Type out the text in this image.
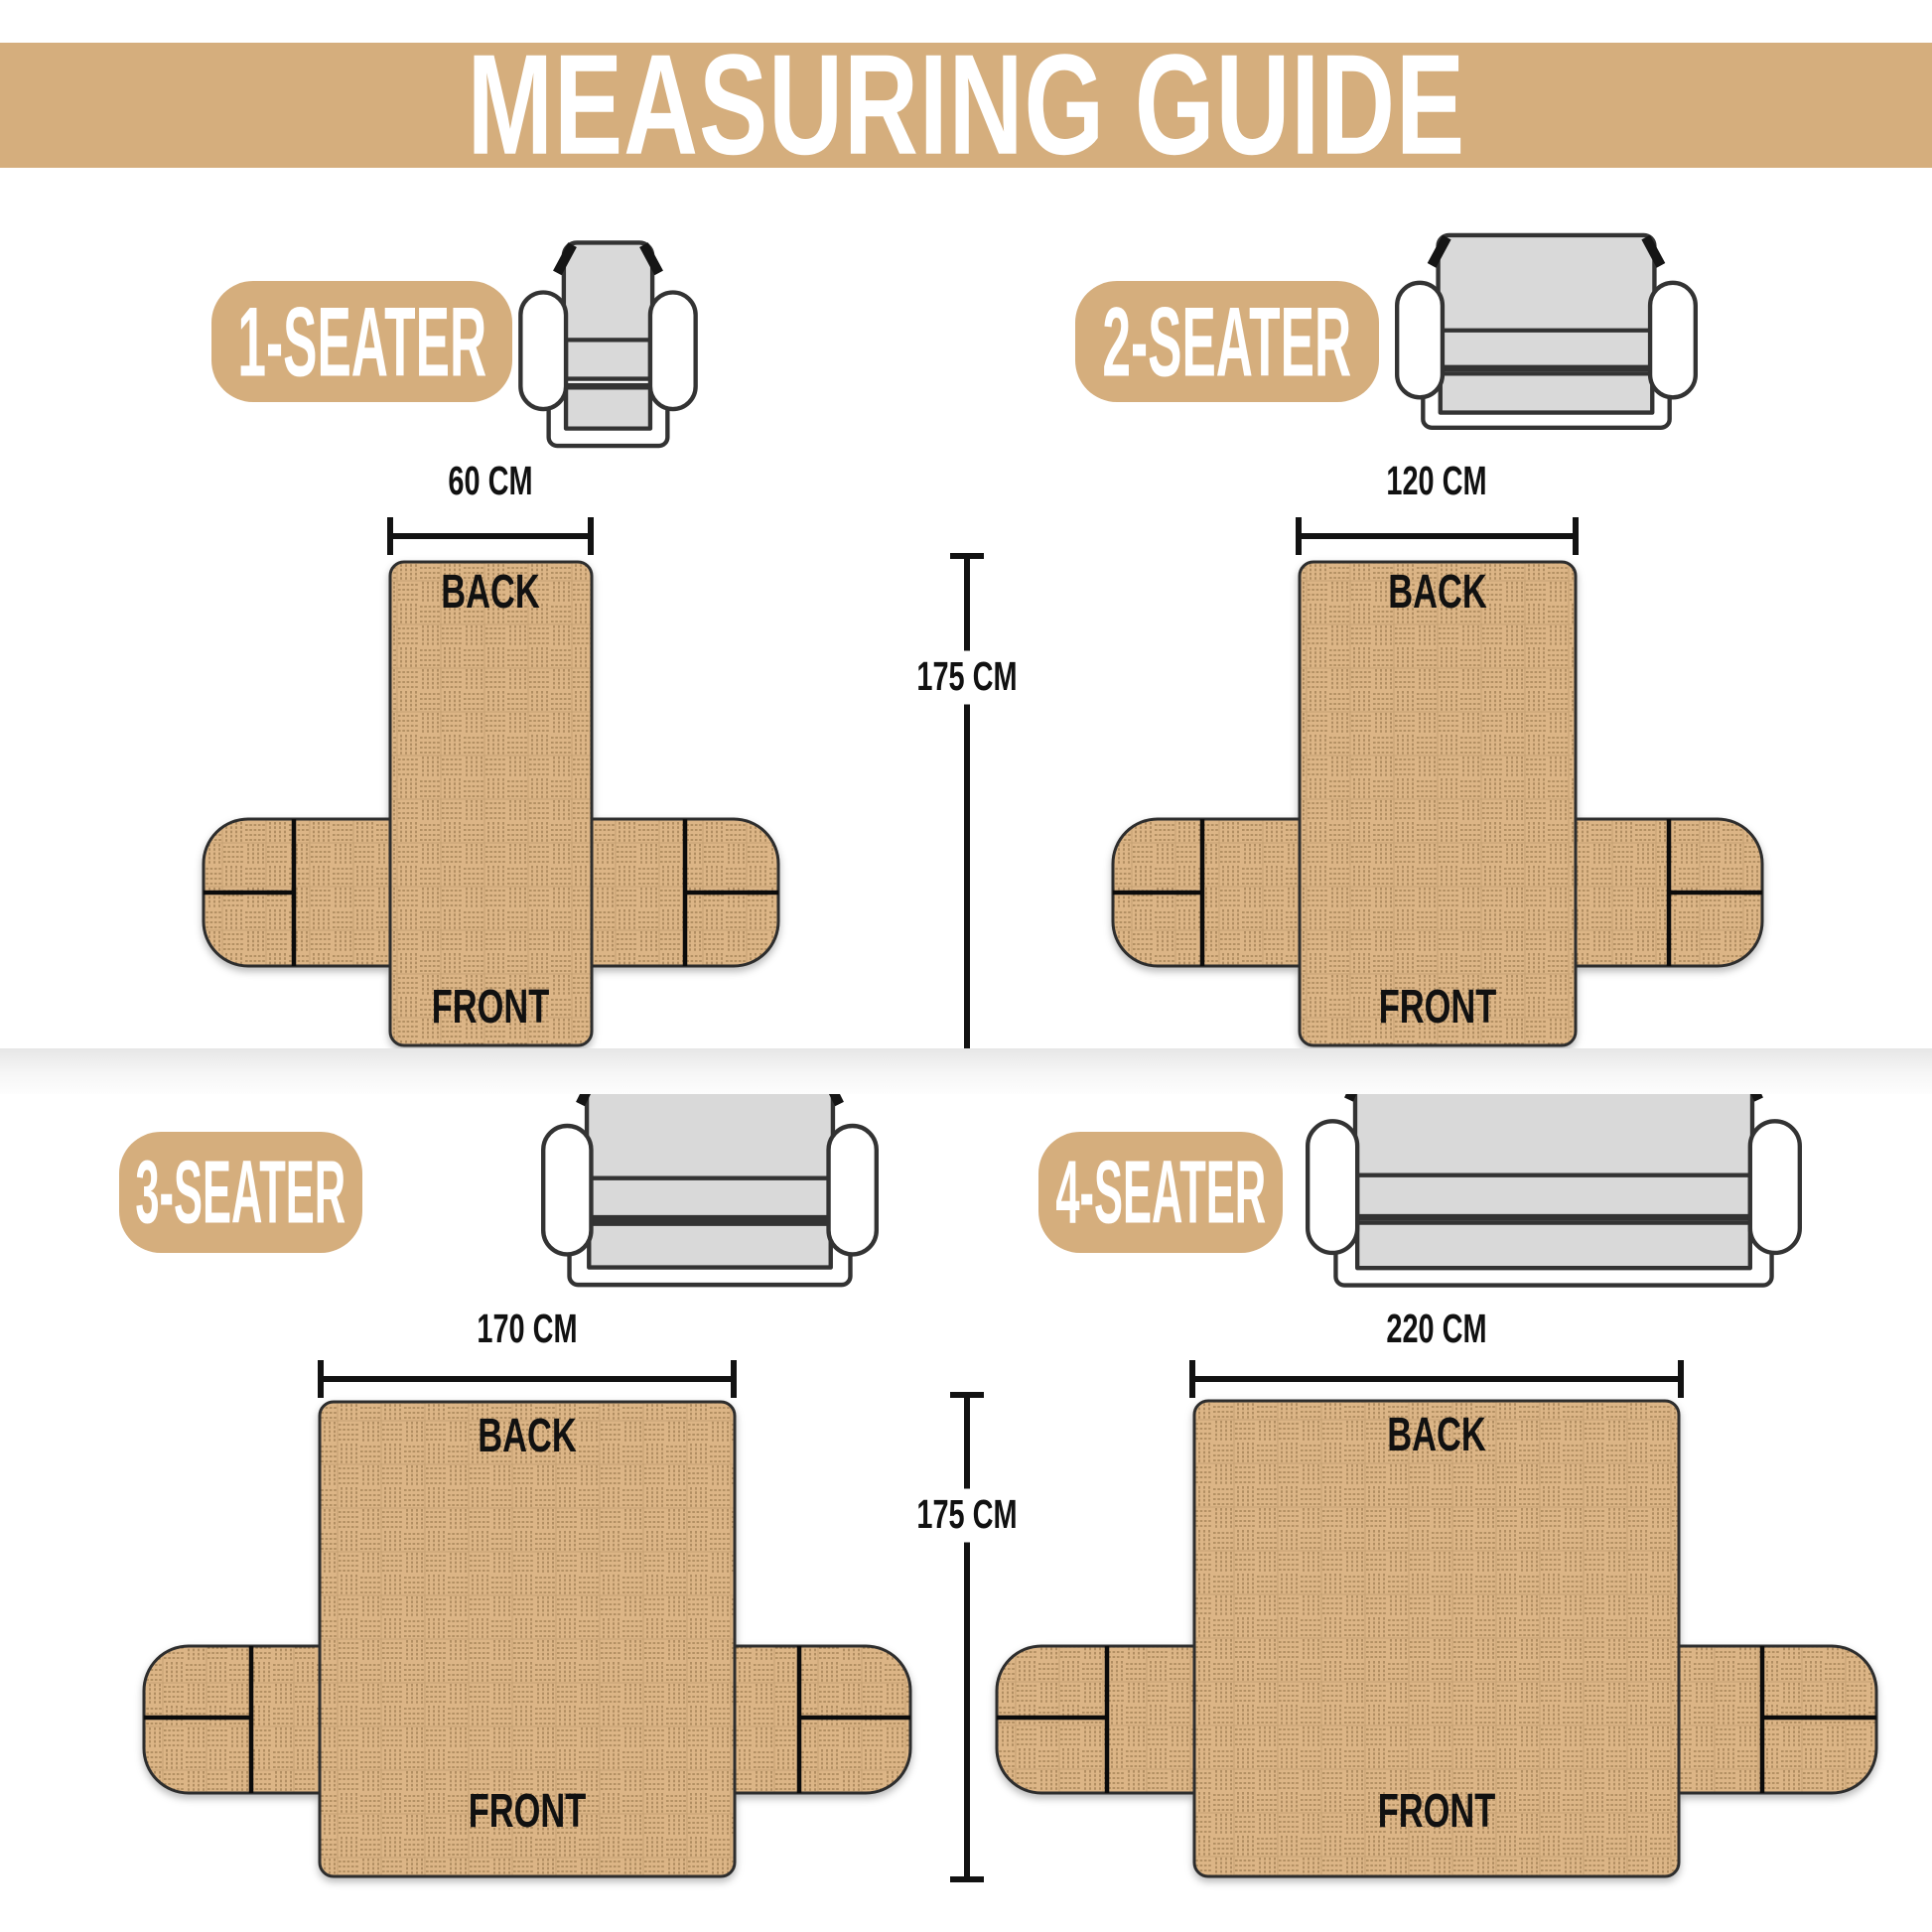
MEASURING GUIDE
1-SEATER	2-SEATER
3-SEATER	4-SEATER
60 CM	120 CM
BACK
FRONT
BACK
FRONT
175 CM
170 CM	220 CM
BACK
FRONT
BACK
FRONT
175 CM
